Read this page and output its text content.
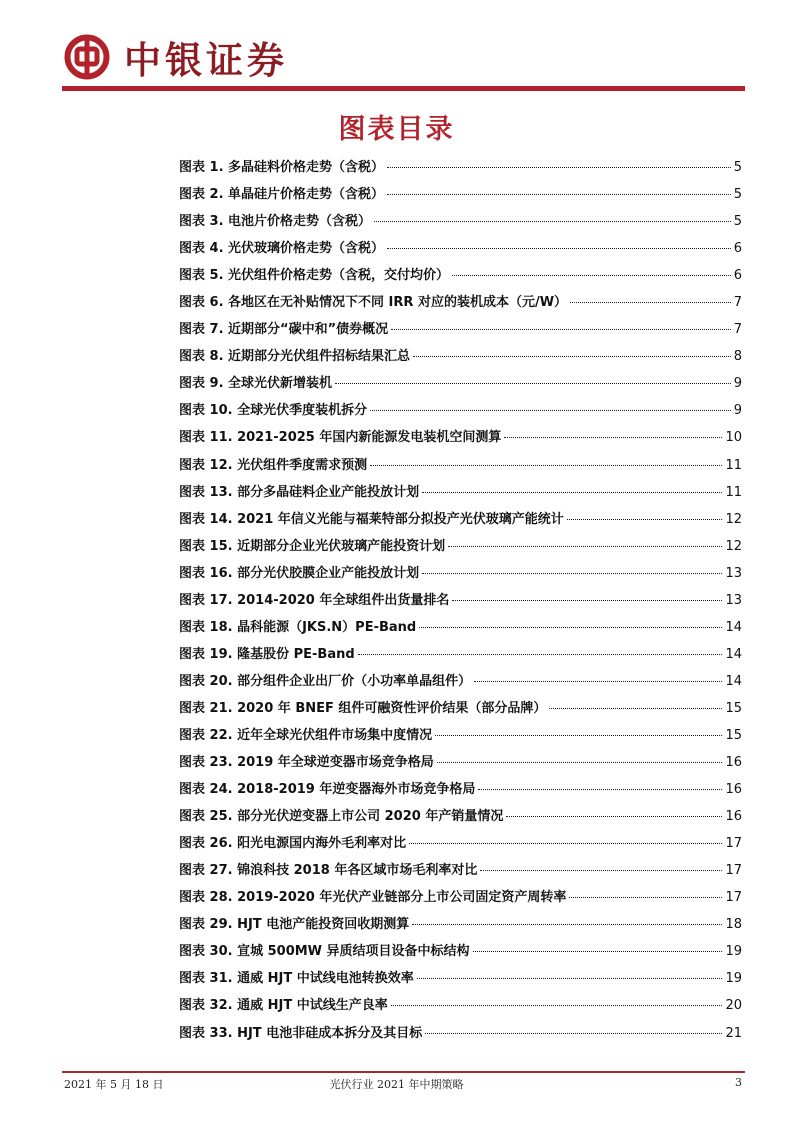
中银证券
图表目录
图表 1. 多晶硅料价格走势（含税）	5
图表 2. 单晶硅片价格走势（含税）	5
图表 3. 电池片价格走势（含税）	5
图表 4. 光伏玻璃价格走势（含税）	6
图表 5. 光伏组件价格走势（含税，交付均价）	6
图表 6. 各地区在无补贴情况下不同 IRR 对应的装机成本（元/W）	7
图表 7. 近期部分“碳中和”债券概况	7
图表 8. 近期部分光伏组件招标结果汇总	8
图表 9. 全球光伏新增装机	9
图表 10. 全球光伏季度装机拆分	9
图表 11. 2021-2025 年国内新能源发电装机空间测算	10
图表 12. 光伏组件季度需求预测	11
图表 13. 部分多晶硅料企业产能投放计划	11
图表 14. 2021 年信义光能与福莱特部分拟投产光伏玻璃产能统计	12
图表 15. 近期部分企业光伏玻璃产能投资计划	12
图表 16. 部分光伏胶膜企业产能投放计划	13
图表 17. 2014-2020 年全球组件出货量排名	13
图表 18. 晶科能源（JKS.N）PE-Band	14
图表 19. 隆基股份 PE-Band	14
图表 20. 部分组件企业出厂价（小功率单晶组件）	14
图表 21. 2020 年 BNEF 组件可融资性评价结果（部分品牌）	15
图表 22. 近年全球光伏组件市场集中度情况	15
图表 23. 2019 年全球逆变器市场竞争格局	16
图表 24. 2018-2019 年逆变器海外市场竞争格局	16
图表 25. 部分光伏逆变器上市公司 2020 年产销量情况	16
图表 26. 阳光电源国内海外毛利率对比	17
图表 27. 锦浪科技 2018 年各区域市场毛利率对比	17
图表 28. 2019-2020 年光伏产业链部分上市公司固定资产周转率	17
图表 29. HJT 电池产能投资回收期测算	18
图表 30. 宣城 500MW 异质结项目设备中标结构	19
图表 31. 通威 HJT 中试线电池转换效率	19
图表 32. 通威 HJT 中试线生产良率	20
图表 33. HJT 电池非硅成本拆分及其目标	21
2021 年 5 月 18 日	光伏行业 2021 年中期策略	3
